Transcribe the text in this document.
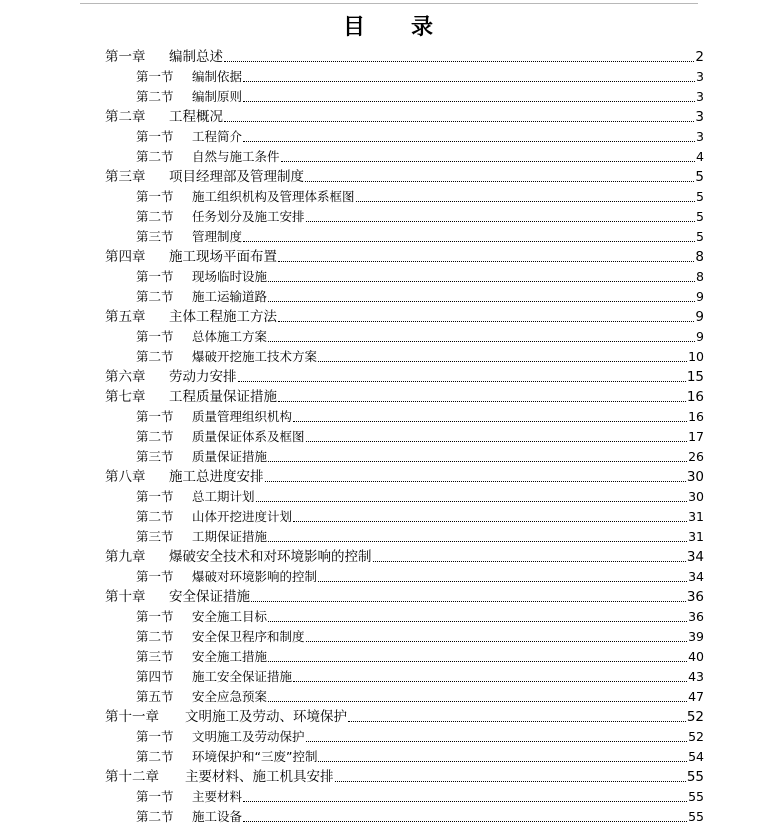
目 录
第一章	编制总述	2
第一节	编制依据	3
第二节	编制原则	3
第二章	工程概况	3
第一节	工程简介	3
第二节	自然与施工条件	4
第三章	项目经理部及管理制度	5
第一节	施工组织机构及管理体系框图	5
第二节	任务划分及施工安排	5
第三节	管理制度	5
第四章	施工现场平面布置	8
第一节	现场临时设施	8
第二节	施工运输道路	9
第五章	主体工程施工方法	9
第一节	总体施工方案	9
第二节	爆破开挖施工技术方案	10
第六章	劳动力安排	15
第七章	工程质量保证措施	16
第一节	质量管理组织机构	16
第二节	质量保证体系及框图	17
第三节	质量保证措施	26
第八章	施工总进度安排	30
第一节	总工期计划	30
第二节	山体开挖进度计划	31
第三节	工期保证措施	31
第九章	爆破安全技术和对环境影响的控制	34
第一节	爆破对环境影响的控制	34
第十章	安全保证措施	36
第一节	安全施工目标	36
第二节	安全保卫程序和制度	39
第三节	安全施工措施	40
第四节	施工安全保证措施	43
第五节	安全应急预案	47
第十一章	文明施工及劳动、环境保护	52
第一节	文明施工及劳动保护	52
第二节	环境保护和“三废”控制	54
第十二章	主要材料、施工机具安排	55
第一节	主要材料	55
第二节	施工设备	55
